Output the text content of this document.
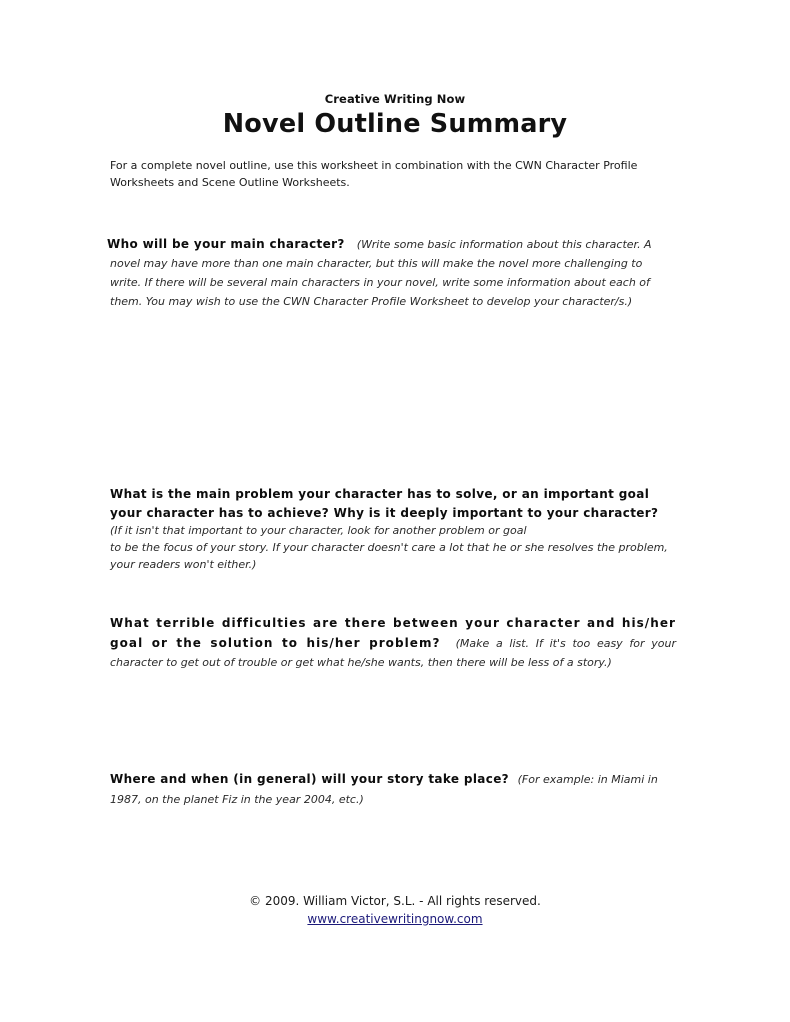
Creative Writing Now
Novel Outline Summary
For a complete novel outline, use this worksheet in combination with the CWN Character Profile Worksheets and Scene Outline Worksheets.
Who will be your main character? (Write some basic information about this character. A novel may have more than one main character, but this will make the novel more challenging to write. If there will be several main characters in your novel, write some information about each of them. You may wish to use the CWN Character Profile Worksheet to develop your character/s.)
What is the main problem your character has to solve, or an important goal your character has to achieve? Why is it deeply important to your character?
(If it isn't that important to your character, look for another problem or goal
to be the focus of your story. If your character doesn't care a lot that he or she resolves the problem, your readers won't either.)
What terrible difficulties are there between your character and his/her goal or the solution to his/her problem? (Make a list. If it's too easy for your character to get out of trouble or get what he/she wants, then there will be less of a story.)
Where and when (in general) will your story take place? (For example: in Miami in 1987, on the planet Fiz in the year 2004, etc.)
© 2009. William Victor, S.L. - All rights reserved.
www.creativewritingnow.com
